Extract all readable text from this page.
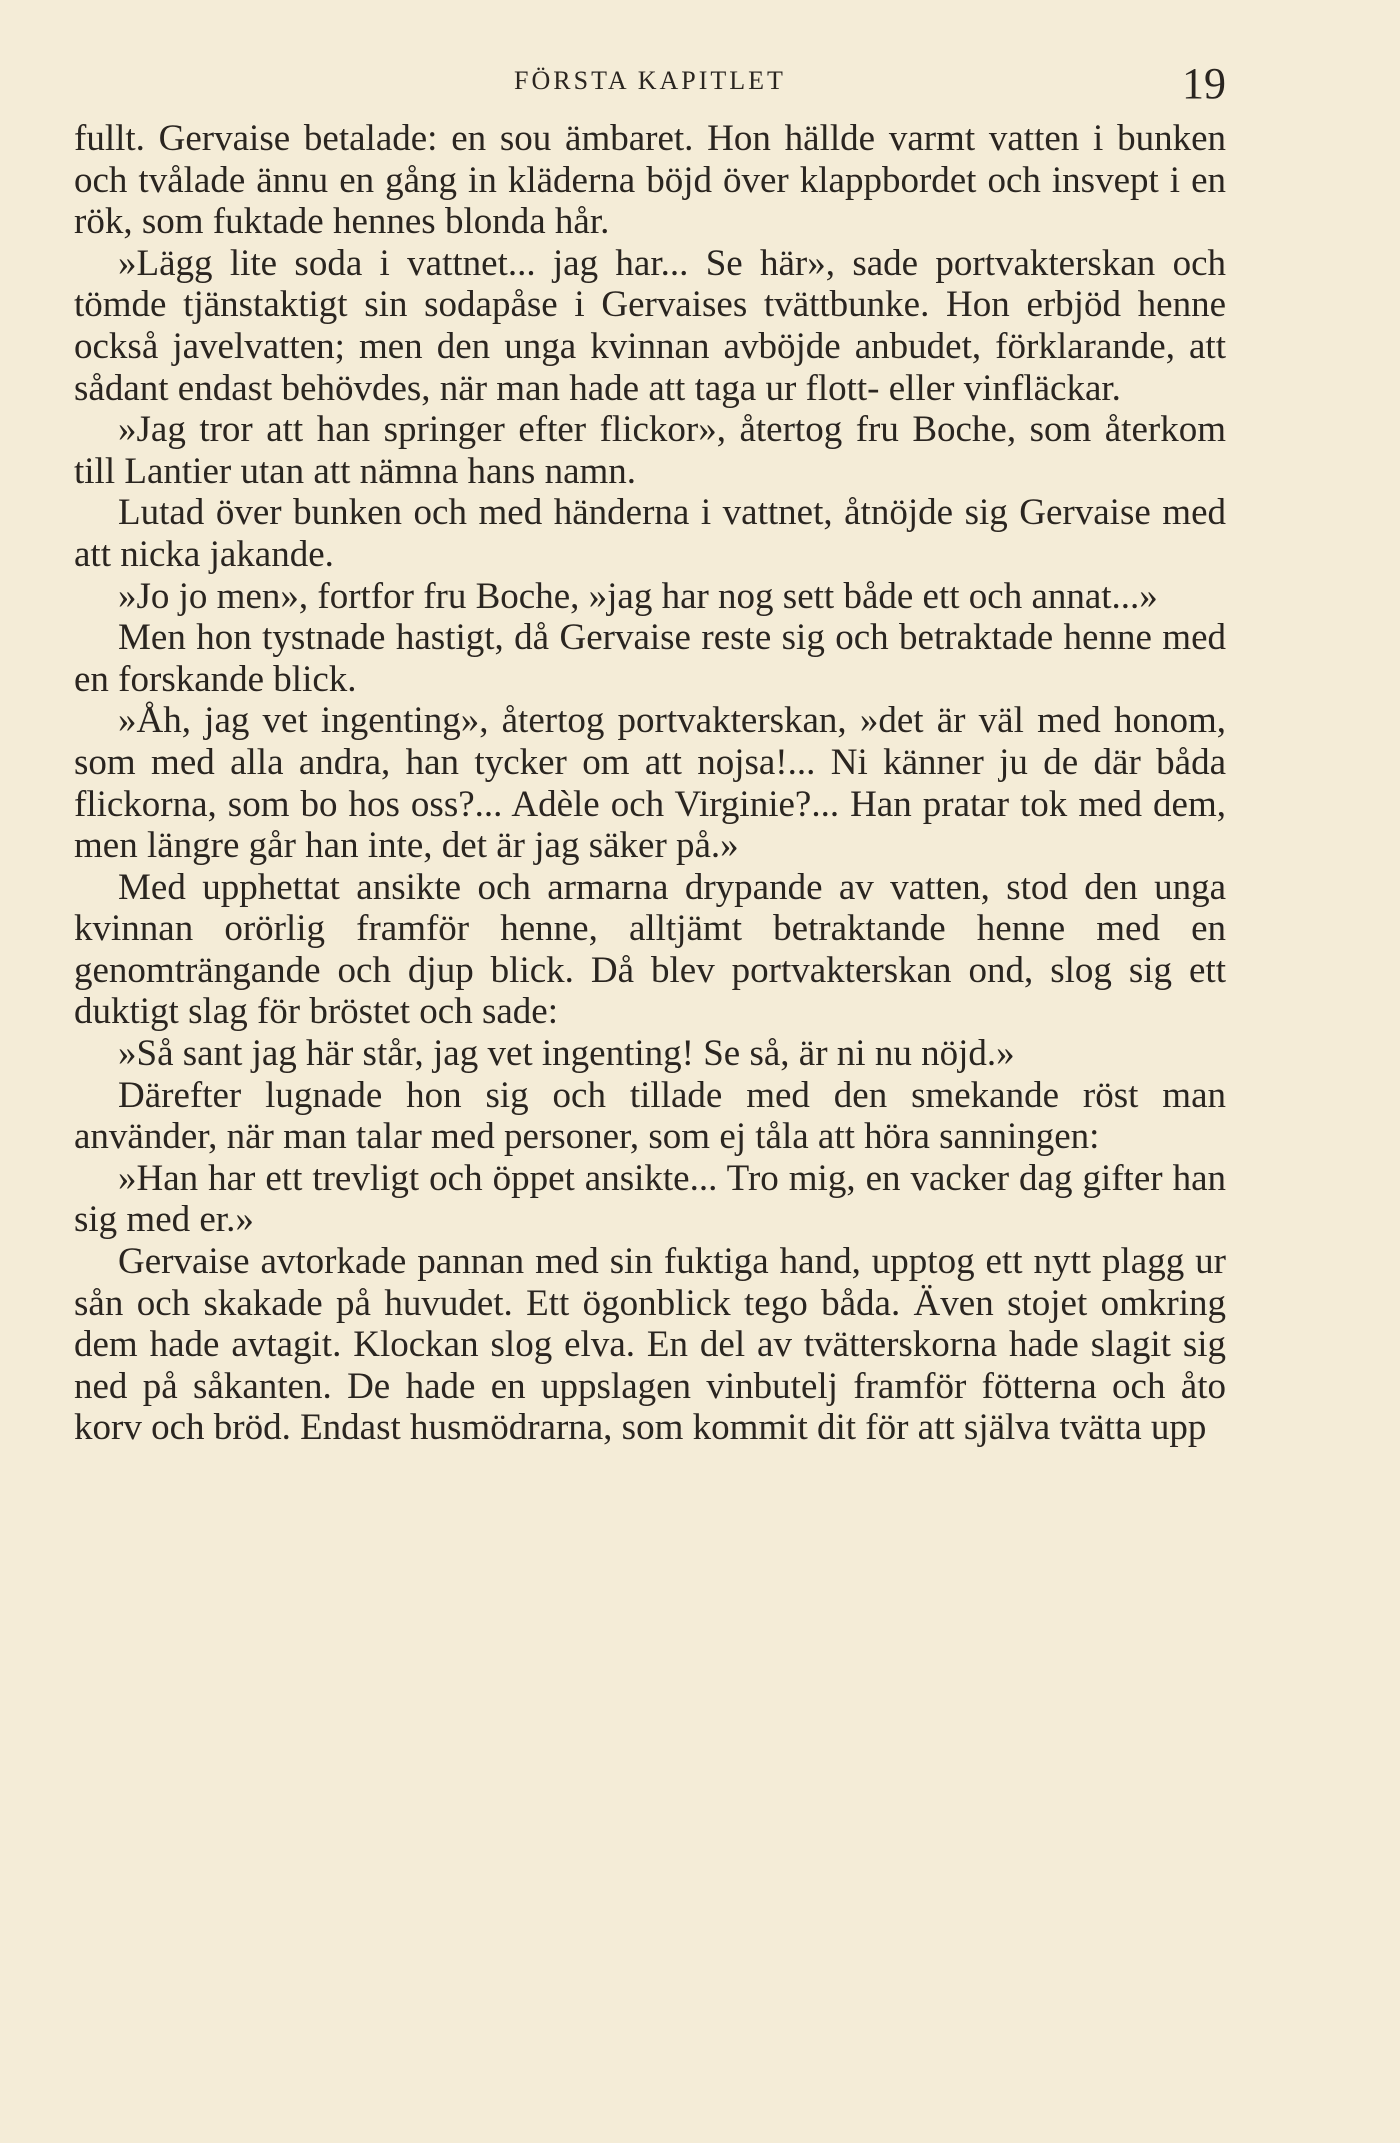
FÖRSTA KAPITLET	19

fullt. Gervaise betalade: en sou ämbaret. Hon hällde varmt vatten i bunken och tvålade ännu en gång in kläderna böjd över klappbordet och insvept i en rök, som fuktade hennes blonda hår.

»Lägg lite soda i vattnet... jag har... Se här», sade portvakterskan och tömde tjänstaktigt sin sodapåse i Gervaises tvättbunke. Hon erbjöd henne också javelvatten; men den unga kvinnan avböjde anbudet, förklarande, att sådant endast behövdes, när man hade att taga ur flott- eller vinfläckar.

»Jag tror att han springer efter flickor», återtog fru Boche, som återkom till Lantier utan att nämna hans namn.

Lutad över bunken och med händerna i vattnet, åtnöjde sig Gervaise med att nicka jakande.

»Jo jo men», fortfor fru Boche, »jag har nog sett både ett och annat...»

Men hon tystnade hastigt, då Gervaise reste sig och betraktade henne med en forskande blick.

»Åh, jag vet ingenting», återtog portvakterskan, »det är väl med honom, som med alla andra, han tycker om att nojsa!... Ni känner ju de där båda flickorna, som bo hos oss?... Adèle och Virginie?... Han pratar tok med dem, men längre går han inte, det är jag säker på.»

Med upphettat ansikte och armarna drypande av vatten, stod den unga kvinnan orörlig framför henne, alltjämt betraktande henne med en genomträngande och djup blick. Då blev portvakterskan ond, slog sig ett duktigt slag för bröstet och sade:

»Så sant jag här står, jag vet ingenting! Se så, är ni nu nöjd.»

Därefter lugnade hon sig och tillade med den smekande röst man använder, när man talar med personer, som ej tåla att höra sanningen:

»Han har ett trevligt och öppet ansikte... Tro mig, en vacker dag gifter han sig med er.»

Gervaise avtorkade pannan med sin fuktiga hand, upptog ett nytt plagg ur sån och skakade på huvudet. Ett ögonblick tego båda. Även stojet omkring dem hade avtagit. Klockan slog elva. En del av tvätterskorna hade slagit sig ned på såkanten. De hade en uppslagen vinbutelj framför fötterna och åto korv och bröd. Endast husmödrarna, som kommit dit för att själva tvätta upp
